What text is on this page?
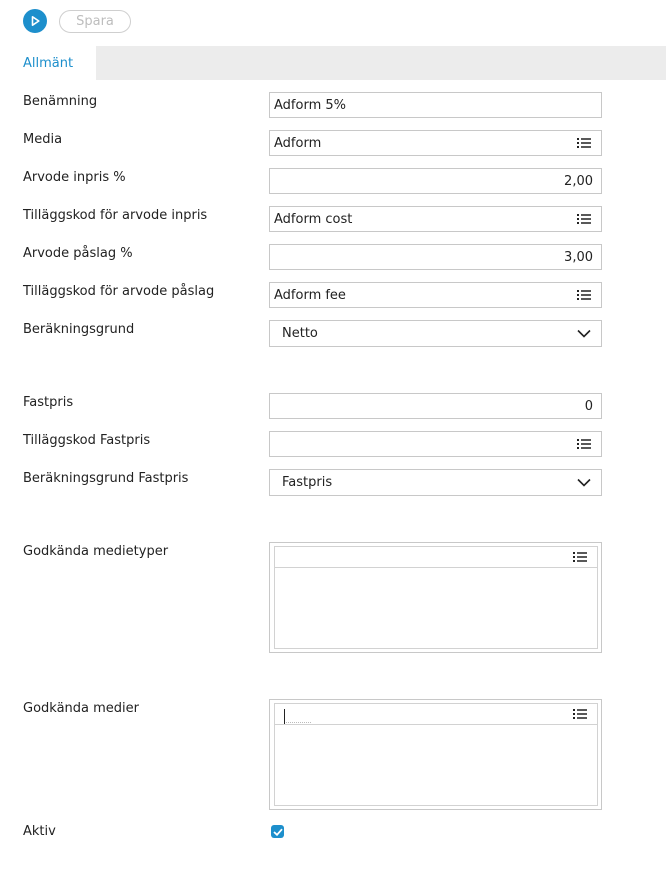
Spara
Allmänt
Benämning	Adform 5%
Media	Adform
Arvode inpris %	2,00
Tilläggskod för arvode inpris	Adform cost
Arvode påslag %	3,00
Tilläggskod för arvode påslag	Adform fee
Beräkningsgrund	Netto
Fastpris	0
Tilläggskod Fastpris
Beräkningsgrund Fastpris	Fastpris
Godkända medietyper
Godkända medier
Aktiv
